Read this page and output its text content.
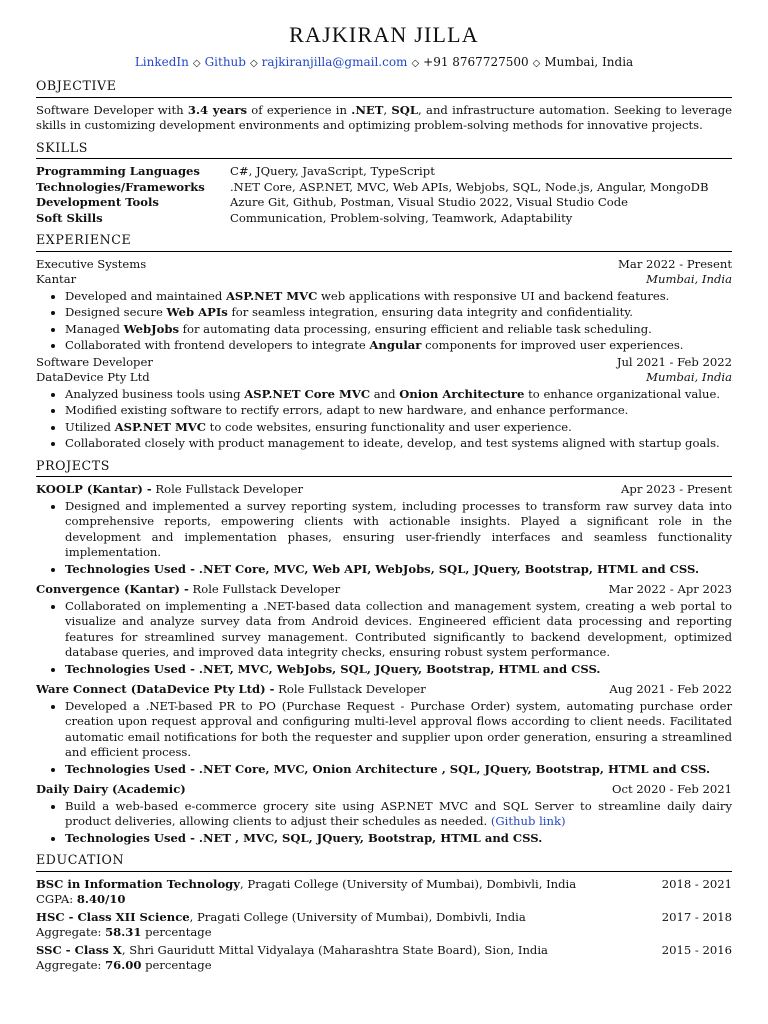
RAJKIRAN JILLA
LinkedIn ◇ Github ◇ rajkiranjilla@gmail.com ◇ +91 8767727500 ◇ Mumbai, India
OBJECTIVE
Software Developer with 3.4 years of experience in .NET, SQL, and infrastructure automation. Seeking to leverage skills in customizing development environments and optimizing problem-solving methods for innovative projects.
SKILLS
Programming Languages	C#, JQuery, JavaScript, TypeScript
Technologies/Frameworks	.NET Core, ASP.NET, MVC, Web APIs, Webjobs, SQL, Node.js, Angular, MongoDB
Development Tools	Azure Git, Github, Postman, Visual Studio 2022, Visual Studio Code
Soft Skills	Communication, Problem-solving, Teamwork, Adaptability
EXPERIENCE
Executive Systems	Mar 2022 - Present
Kantar	Mumbai, India
• Developed and maintained ASP.NET MVC web applications with responsive UI and backend features.
• Designed secure Web APIs for seamless integration, ensuring data integrity and confidentiality.
• Managed WebJobs for automating data processing, ensuring efficient and reliable task scheduling.
• Collaborated with frontend developers to integrate Angular components for improved user experiences.
Software Developer	Jul 2021 - Feb 2022
DataDevice Pty Ltd	Mumbai, India
• Analyzed business tools using ASP.NET Core MVC and Onion Architecture to enhance organizational value.
• Modified existing software to rectify errors, adapt to new hardware, and enhance performance.
• Utilized ASP.NET MVC to code websites, ensuring functionality and user experience.
• Collaborated closely with product management to ideate, develop, and test systems aligned with startup goals.
PROJECTS
KOOLP (Kantar) - Role Fullstack Developer	Apr 2023 - Present
• Designed and implemented a survey reporting system, including processes to transform raw survey data into comprehensive reports, empowering clients with actionable insights. Played a significant role in the development and implementation phases, ensuring user-friendly interfaces and seamless functionality implementation.
• Technologies Used - .NET Core, MVC, Web API, WebJobs, SQL, JQuery, Bootstrap, HTML and CSS.
Convergence (Kantar) - Role Fullstack Developer	Mar 2022 - Apr 2023
• Collaborated on implementing a .NET-based data collection and management system, creating a web portal to visualize and analyze survey data from Android devices. Engineered efficient data processing and reporting features for streamlined survey management. Contributed significantly to backend development, optimized database queries, and improved data integrity checks, ensuring robust system performance.
• Technologies Used - .NET, MVC, WebJobs, SQL, JQuery, Bootstrap, HTML and CSS.
Ware Connect (DataDevice Pty Ltd) - Role Fullstack Developer	Aug 2021 - Feb 2022
• Developed a .NET-based PR to PO (Purchase Request - Purchase Order) system, automating purchase order creation upon request approval and configuring multi-level approval flows according to client needs. Facilitated automatic email notifications for both the requester and supplier upon order generation, ensuring a streamlined and efficient process.
• Technologies Used - .NET Core, MVC, Onion Architecture , SQL, JQuery, Bootstrap, HTML and CSS.
Daily Dairy (Academic)	Oct 2020 - Feb 2021
• Build a web-based e-commerce grocery site using ASP.NET MVC and SQL Server to streamline daily dairy product deliveries, allowing clients to adjust their schedules as needed. (Github link)
• Technologies Used - .NET , MVC, SQL, JQuery, Bootstrap, HTML and CSS.
EDUCATION
BSC in Information Technology, Pragati College (University of Mumbai), Dombivli, India	2018 - 2021
CGPA: 8.40/10
HSC - Class XII Science, Pragati College (University of Mumbai), Dombivli, India	2017 - 2018
Aggregate: 58.31 percentage
SSC - Class X, Shri Gauridutt Mittal Vidyalaya (Maharashtra State Board), Sion, India	2015 - 2016
Aggregate: 76.00 percentage
